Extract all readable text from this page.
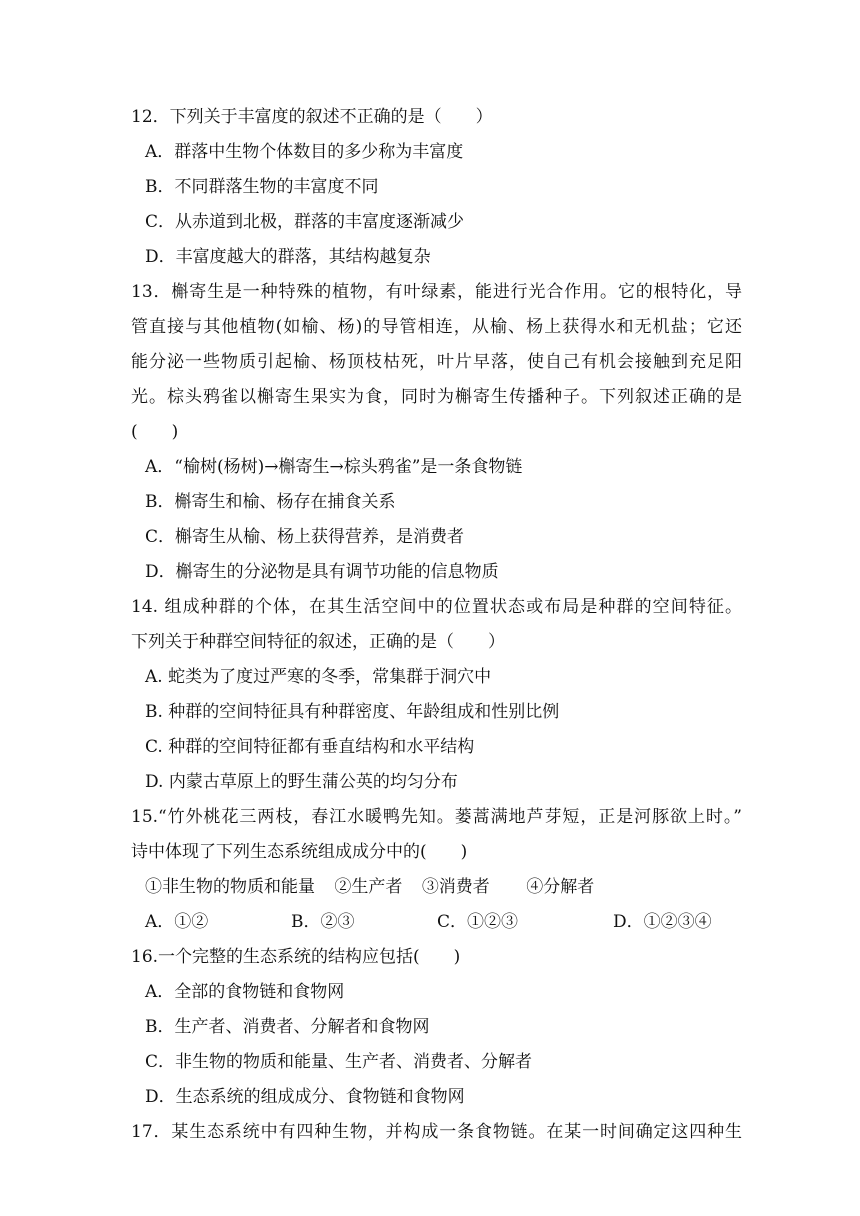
12．下列关于丰富度的叙述不正确的是（　　）
A．群落中生物个体数目的多少称为丰富度
B．不同群落生物的丰富度不同
C．从赤道到北极，群落的丰富度逐渐减少
D．丰富度越大的群落，其结构越复杂
13．槲寄生是一种特殊的植物，有叶绿素，能进行光合作用。它的根特化，导
管直接与其他植物(如榆、杨)的导管相连，从榆、杨上获得水和无机盐；它还
能分泌一些物质引起榆、杨顶枝枯死，叶片早落，使自己有机会接触到充足阳
光。棕头鸦雀以槲寄生果实为食，同时为槲寄生传播种子。下列叙述正确的是
(　　)
A．“榆树(杨树)→槲寄生→棕头鸦雀”是一条食物链
B．槲寄生和榆、杨存在捕食关系
C．槲寄生从榆、杨上获得营养，是消费者
D．槲寄生的分泌物是具有调节功能的信息物质
14. 组成种群的个体，在其生活空间中的位置状态或布局是种群的空间特征。
下列关于种群空间特征的叙述，正确的是（　　）
A. 蛇类为了度过严寒的冬季，常集群于洞穴中
B. 种群的空间特征具有种群密度、年龄组成和性别比例
C. 种群的空间特征都有垂直结构和水平结构
D. 内蒙古草原上的野生蒲公英的均匀分布
15.“竹外桃花三两枝，春江水暖鸭先知。蒌蒿满地芦芽短，正是河豚欲上时。”
诗中体现了下列生态系统组成成分中的(　　)
①非生物的物质和能量 ②生产者 ③消费者 　④分解者
A．①②	B．②③	C．①②③	D．①②③④
16.一个完整的生态系统的结构应包括(　　)
A．全部的食物链和食物网
B．生产者、消费者、分解者和食物网
C．非生物的物质和能量、生产者、消费者、分解者
D．生态系统的组成成分、食物链和食物网
17．某生态系统中有四种生物，并构成一条食物链。在某一时间确定这四种生
